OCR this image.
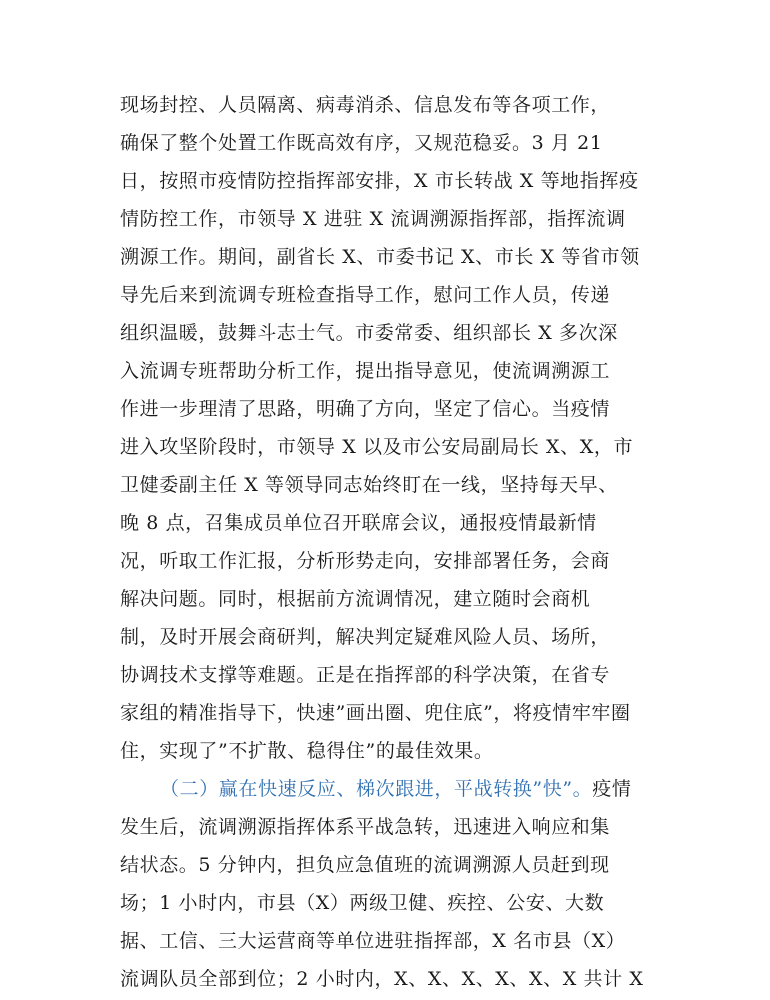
现场封控、人员隔离、病毒消杀、信息发布等各项工作，
确保了整个处置工作既高效有序，又规范稳妥。3 月 21
日，按照市疫情防控指挥部安排，X 市长转战 X 等地指挥疫
情防控工作，市领导 X 进驻 X 流调溯源指挥部，指挥流调
溯源工作。期间，副省长 X、市委书记 X、市长 X 等省市领
导先后来到流调专班检查指导工作，慰问工作人员，传递
组织温暖，鼓舞斗志士气。市委常委、组织部长 X 多次深
入流调专班帮助分析工作，提出指导意见，使流调溯源工
作进一步理清了思路，明确了方向，坚定了信心。当疫情
进入攻坚阶段时，市领导 X 以及市公安局副局长 X、X，市
卫健委副主任 X 等领导同志始终盯在一线，坚持每天早、
晚 8 点，召集成员单位召开联席会议，通报疫情最新情
况，听取工作汇报，分析形势走向，安排部署任务，会商
解决问题。同时，根据前方流调情况，建立随时会商机
制，及时开展会商研判，解决判定疑难风险人员、场所，
协调技术支撑等难题。正是在指挥部的科学决策，在省专
家组的精准指导下，快速”画出圈、兜住底”，将疫情牢牢圈
住，实现了”不扩散、稳得住”的最佳效果。
（二）赢在快速反应、梯次跟进，平战转换”快”。疫情
发生后，流调溯源指挥体系平战急转，迅速进入响应和集
结状态。5 分钟内，担负应急值班的流调溯源人员赶到现
场；1 小时内，市县（X）两级卫健、疾控、公安、大数
据、工信、三大运营商等单位进驻指挥部，X 名市县（X）
流调队员全部到位；2 小时内，X、X、X、X、X、X 共计 X
